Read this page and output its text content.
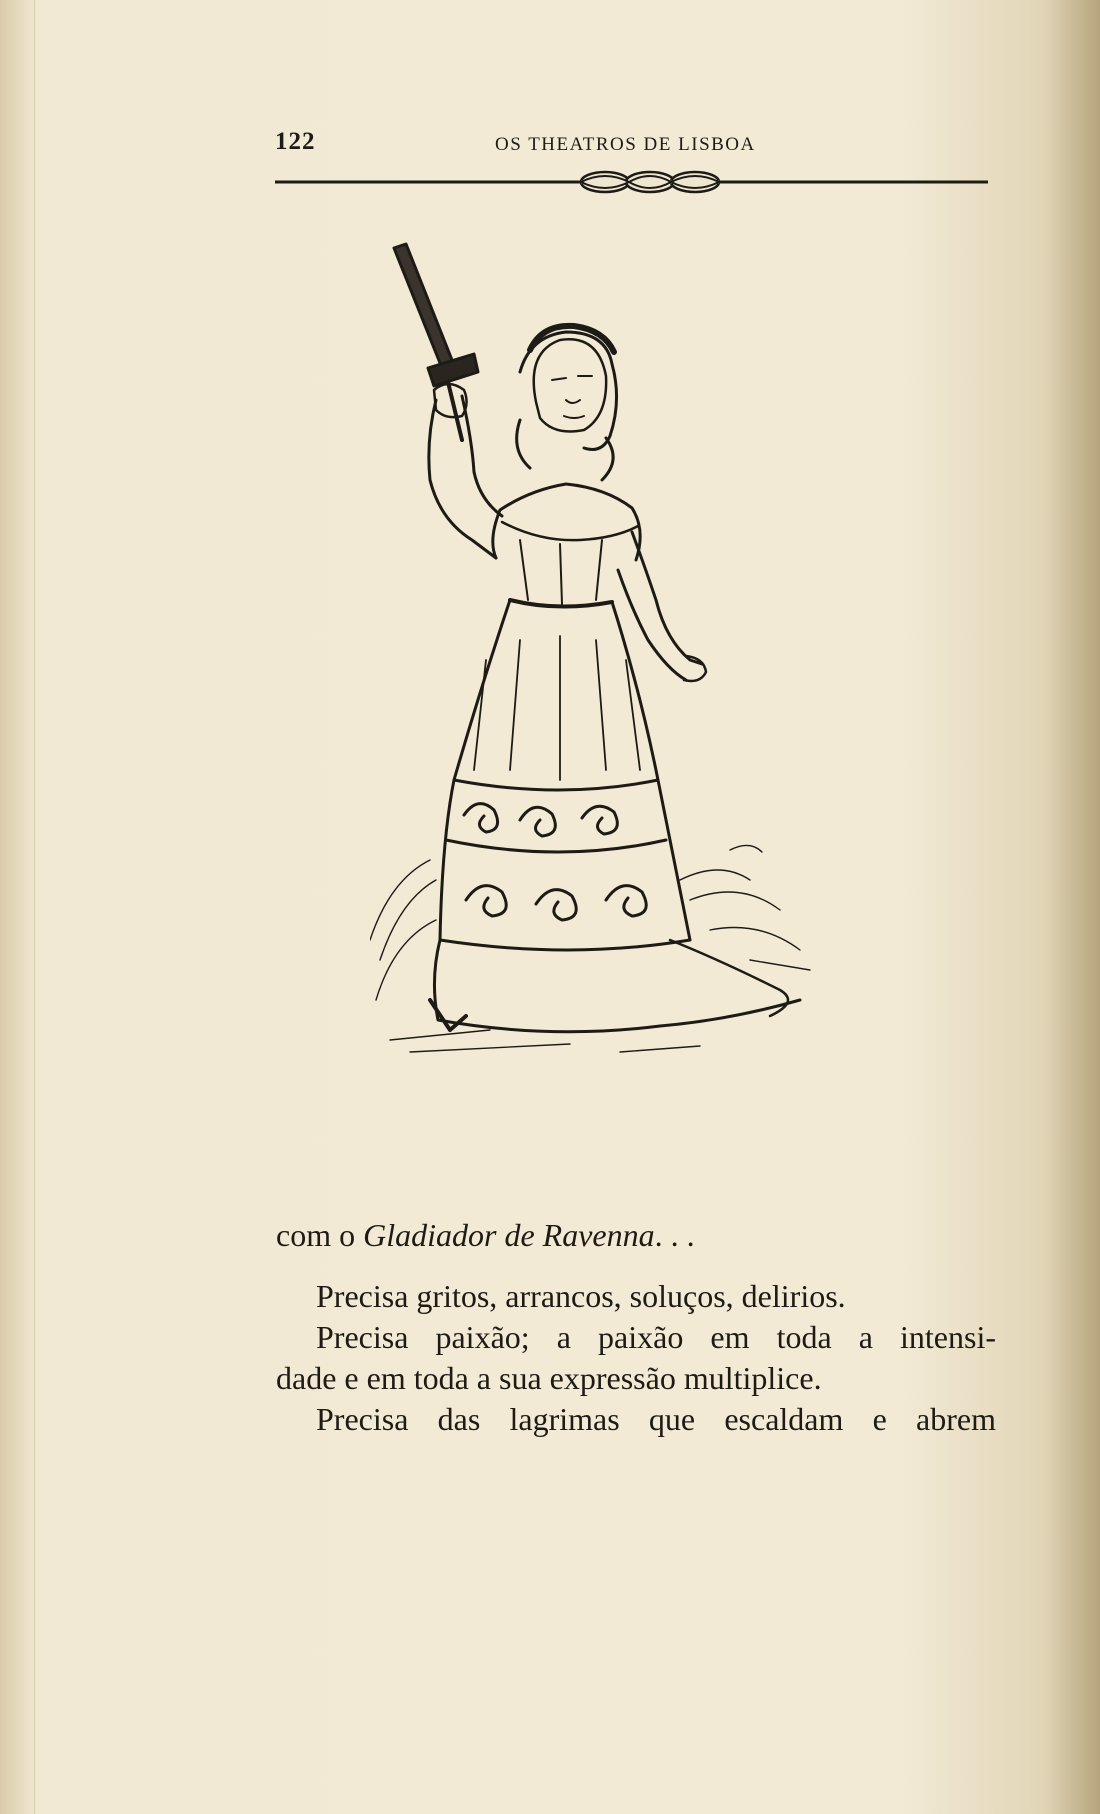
122	OS THEATROS DE LISBOA
com o Gladiador de Ravenna. . .
Precisa gritos, arrancos, soluços, delirios.
Precisa paixão; a paixão em toda a intensi-
dade e em toda a sua expressão multiplice.
Precisa das lagrimas que escaldam e abrem
